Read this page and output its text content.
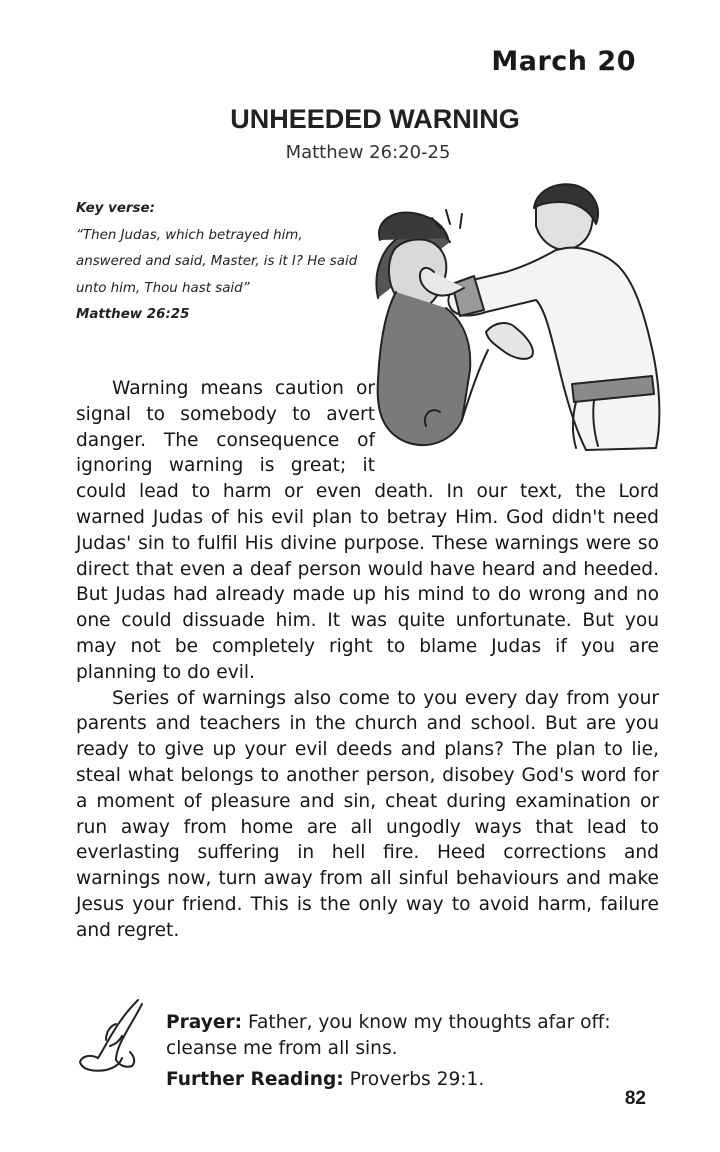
March 20
UNHEEDED WARNING
Matthew 26:20-25
Key verse:
“Then Judas, which betrayed him, answered and said, Master, is it I? He said unto him, Thou hast said”
Matthew 26:25

Warning means caution or signal to somebody to avert danger. The consequence of ignoring warning is great; it could lead to harm or even death. In our text, the Lord warned Judas of his evil plan to betray Him. God didn't need Judas' sin to fulfil His divine purpose. These warnings were so direct that even a deaf person would have heard and heeded. But Judas had already made up his mind to do wrong and no one could dissuade him. It was quite unfortunate. But you may not be completely right to blame Judas if you are planning to do evil.

Series of warnings also come to you every day from your parents and teachers in the church and school. But are you ready to give up your evil deeds and plans? The plan to lie, steal what belongs to another person, disobey God's word for a moment of pleasure and sin, cheat during examination or run away from home are all ungodly ways that lead to everlasting suffering in hell fire. Heed corrections and warnings now, turn away from all sinful behaviours and make Jesus your friend. This is the only way to avoid harm, failure and regret.

Prayer: Father, you know my thoughts afar off: cleanse me from all sins.

Further Reading: Proverbs 29:1.

82
